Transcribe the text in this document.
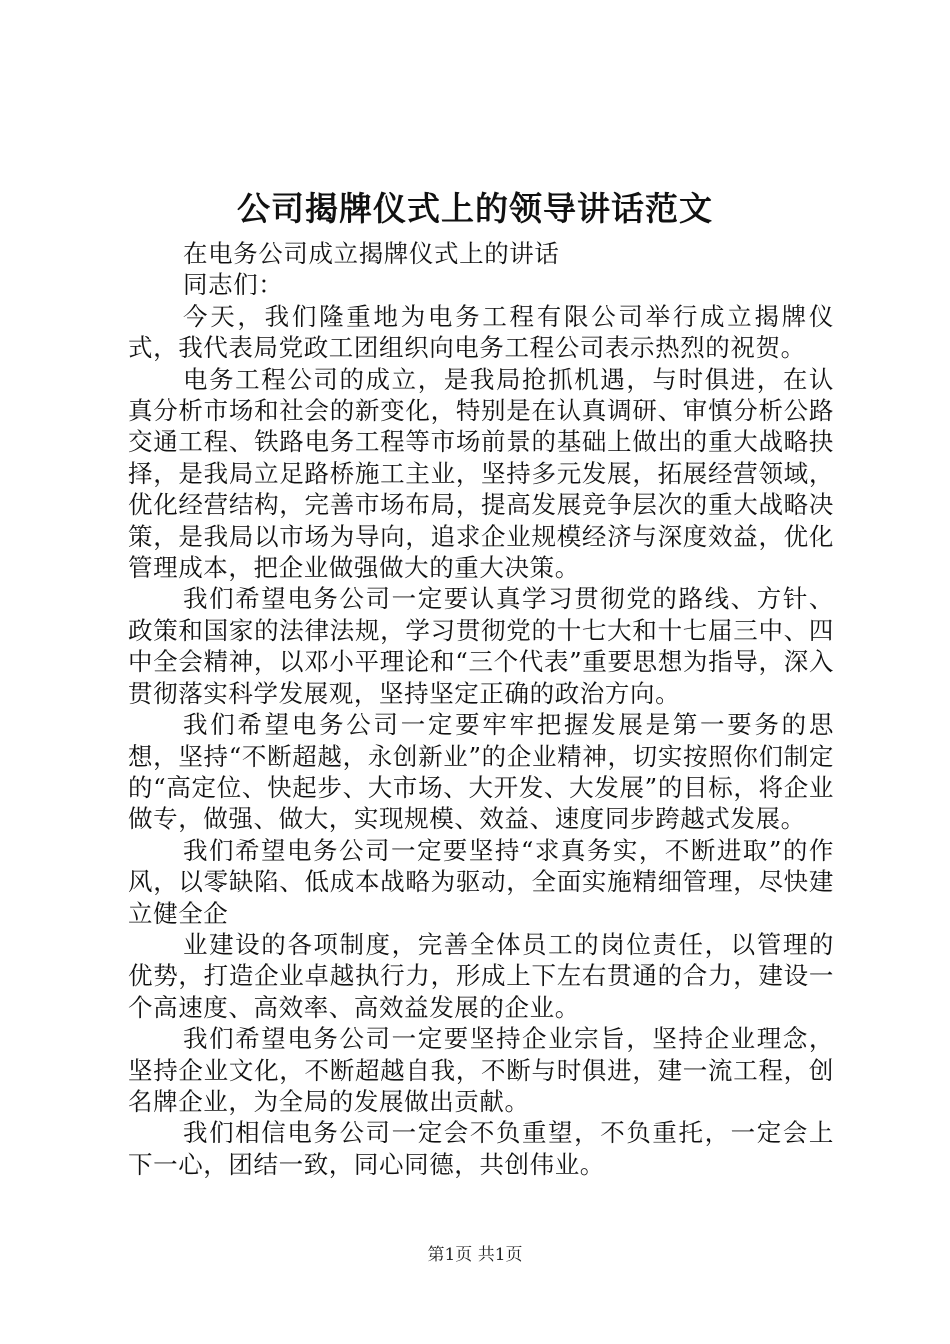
公司揭牌仪式上的领导讲话范文

在电务公司成立揭牌仪式上的讲话

同志们：

今天，我们隆重地为电务工程有限公司举行成立揭牌仪式，我代表局党政工团组织向电务工程公司表示热烈的祝贺。

电务工程公司的成立，是我局抢抓机遇，与时俱进，在认真分析市场和社会的新变化，特别是在认真调研、审慎分析公路交通工程、铁路电务工程等市场前景的基础上做出的重大战略抉择，是我局立足路桥施工主业，坚持多元发展，拓展经营领域，优化经营结构，完善市场布局，提高发展竞争层次的重大战略决策，是我局以市场为导向，追求企业规模经济与深度效益，优化管理成本，把企业做强做大的重大决策。

我们希望电务公司一定要认真学习贯彻党的路线、方针、政策和国家的法律法规，学习贯彻党的十七大和十七届三中、四中全会精神，以邓小平理论和“三个代表”重要思想为指导，深入贯彻落实科学发展观，坚持坚定正确的政治方向。

我们希望电务公司一定要牢牢把握发展是第一要务的思想，坚持“不断超越，永创新业”的企业精神，切实按照你们制定的“高定位、快起步、大市场、大开发、大发展”的目标，将企业做专，做强、做大，实现规模、效益、速度同步跨越式发展。

我们希望电务公司一定要坚持“求真务实，不断进取”的作风，以零缺陷、低成本战略为驱动，全面实施精细管理，尽快建立健全企

业建设的各项制度，完善全体员工的岗位责任，以管理的优势，打造企业卓越执行力，形成上下左右贯通的合力，建设一个高速度、高效率、高效益发展的企业。

我们希望电务公司一定要坚持企业宗旨，坚持企业理念，坚持企业文化，不断超越自我，不断与时俱进，建一流工程，创名牌企业，为全局的发展做出贡献。

我们相信电务公司一定会不负重望，不负重托，一定会上下一心，团结一致，同心同德，共创伟业。

第1页 共1页
